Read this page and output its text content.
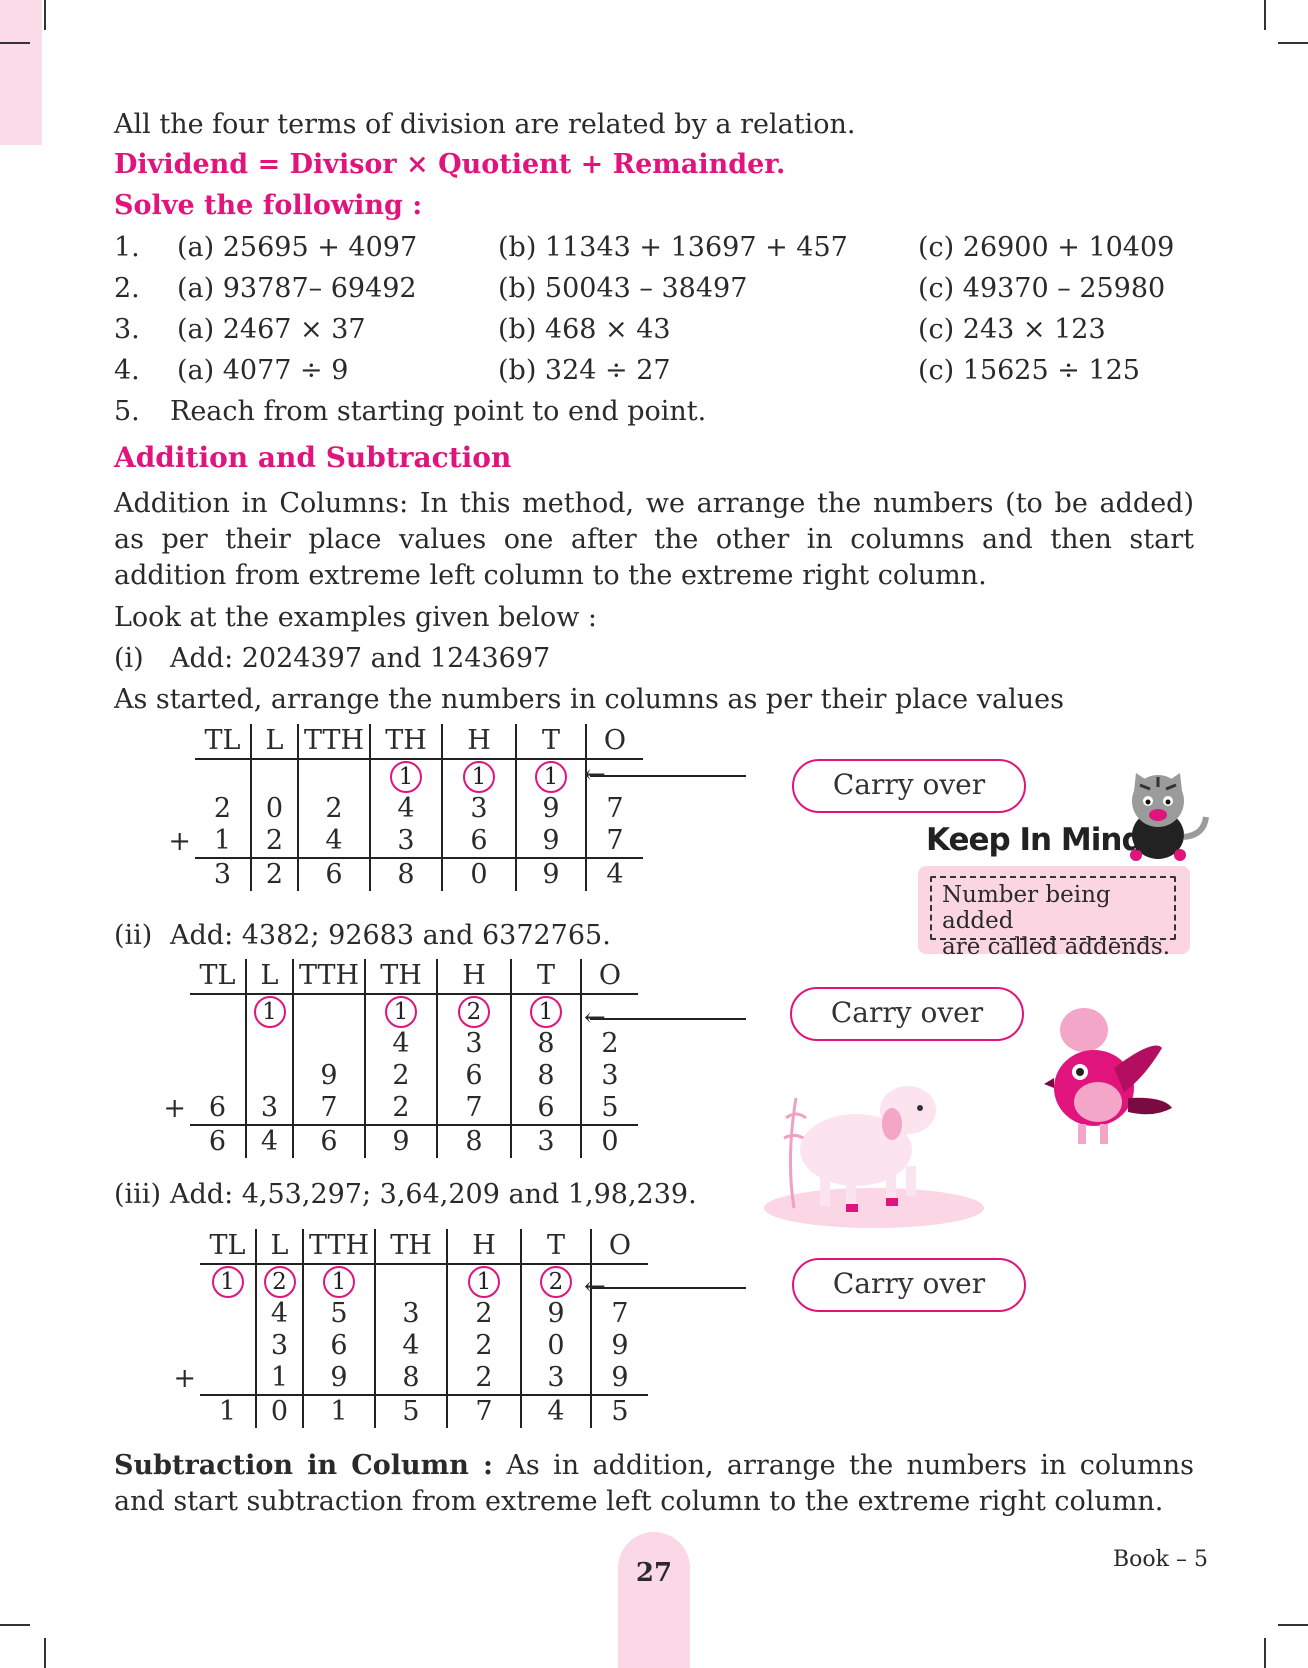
All the four terms of division are related by a relation.
Dividend = Divisor × Quotient + Remainder.
Solve the following :
1. (a) 25695 + 4097	(b) 11343 + 13697 + 457	(c) 26900 + 10409
2. (a) 93787– 69492	(b) 50043 – 38497	(c) 49370 – 25980
3. (a) 2467 × 37	(b) 468 × 43	(c) 243 × 123
4. (a) 4077 ÷ 9	(b) 324 ÷ 27	(c) 15625 ÷ 125
5. Reach from starting point to end point.
Addition and Subtraction
Addition in Columns: In this method, we arrange the numbers (to be added) as per their place values one after the other in columns and then start addition from extreme left column to the extreme right column.
Look at the examples given below :
(i) Add: 2024397 and 1243697
As started, arrange the numbers in columns as per their place values
	TL	L	TTH	TH	H	T	O
				1	1	1	
	2	0	2	4	3	9	7
+	1	2	4	3	6	9	7
	3	2	6	8	0	9	4
←
(ii) Add: 4382; 92683 and 6372765.
	TL	L	TTH	TH	H	T	O
		1		1	2	1	
				4	3	8	2
			9	2	6	8	3
+	6	3	7	2	7	6	5
	6	4	6	9	8	3	0
←
(iii) Add: 4,53,297; 3,64,209 and 1,98,239.
	TL	L	TTH	TH	H	T	O
	1	2	1		1	2	
		4	5	3	2	9	7
		3	6	4	2	0	9
+		1	9	8	2	3	9
	1	0	1	5	7	4	5
←
Carry over
Carry over
Carry over
Keep In Mind
Number being added
are called addends.
Subtraction in Column : As in addition, arrange the numbers in columns and start subtraction from extreme left column to the extreme right column.
27	Book – 5
